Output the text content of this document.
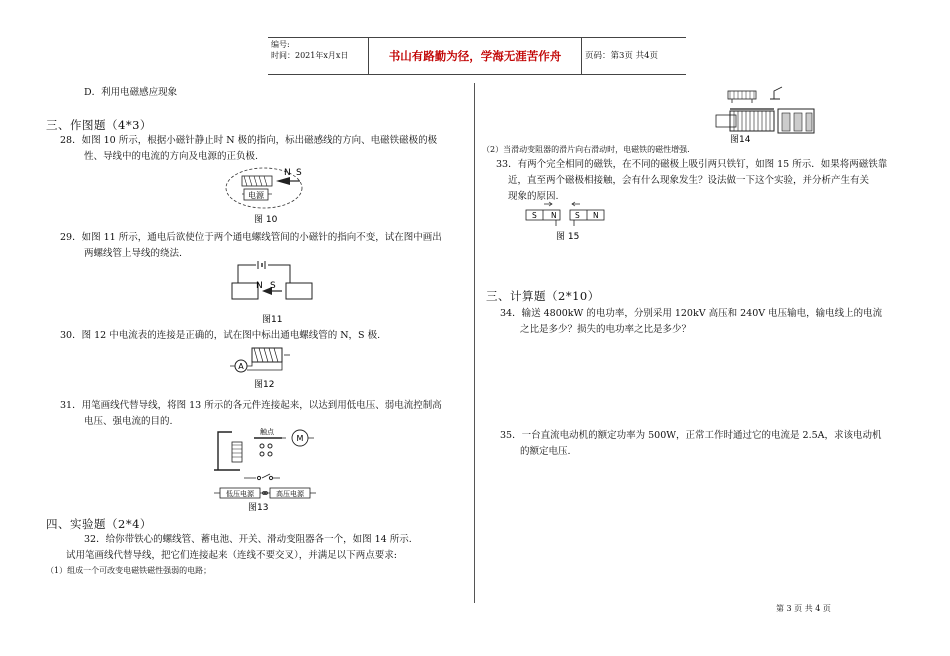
编号:
时间：2021年x月x日	书山有路勤为径，学海无涯苦作舟	页码：第3页 共4页
D．利用电磁感应现象
三、作图题（4*3）
28．如图 10 所示，根据小磁针静止时 N 极的指向，标出磁感线的方向、电磁铁磁极的极
性、导线中的电流的方向及电源的正负极.
电源
N S
图 10
29．如图 11 所示，通电后欲使位于两个通电螺线管间的小磁针的指向不变，试在图中画出
两螺线管上导线的绕法.
N S
图11
30．图 12 中电流表的连接是正确的，试在图中标出通电螺线管的 N，S 极.
A
图12
31．用笔画线代替导线，将图 13 所示的各元件连接起来，以达到用低电压、弱电流控制高
电压、强电流的目的.
触点
M
低压电源	高压电源
图13
四、实验题（2*4）
32．给你带铁心的螺线管、蓄电池、开关、滑动变阻器各一个，如图 14 所示.
试用笔画线代替导线，把它们连接起来（连线不要交叉），并满足以下两点要求:
（1）组成一个可改变电磁铁磁性强弱的电路；
图14
（2）当滑动变阻器的滑片向右滑动时，电磁铁的磁性增强.
33．有两个完全相同的磁铁，在不同的磁极上吸引两只铁钉，如图 15 所示．如果将两磁铁靠
近，直至两个磁极相接触，会有什么现象发生？设法做一下这个实验，并分析产生有关
现象的原因.
S N S N
图 15
三、计算题（2*10）
34．输送 4800kW 的电功率，分别采用 120kV 高压和 240V 电压输电，输电线上的电流
之比是多少？损失的电功率之比是多少？
35．一台直流电动机的额定功率为 500W，正常工作时通过它的电流是 2.5A，求该电动机
的额定电压.
第 3 页 共 4 页
